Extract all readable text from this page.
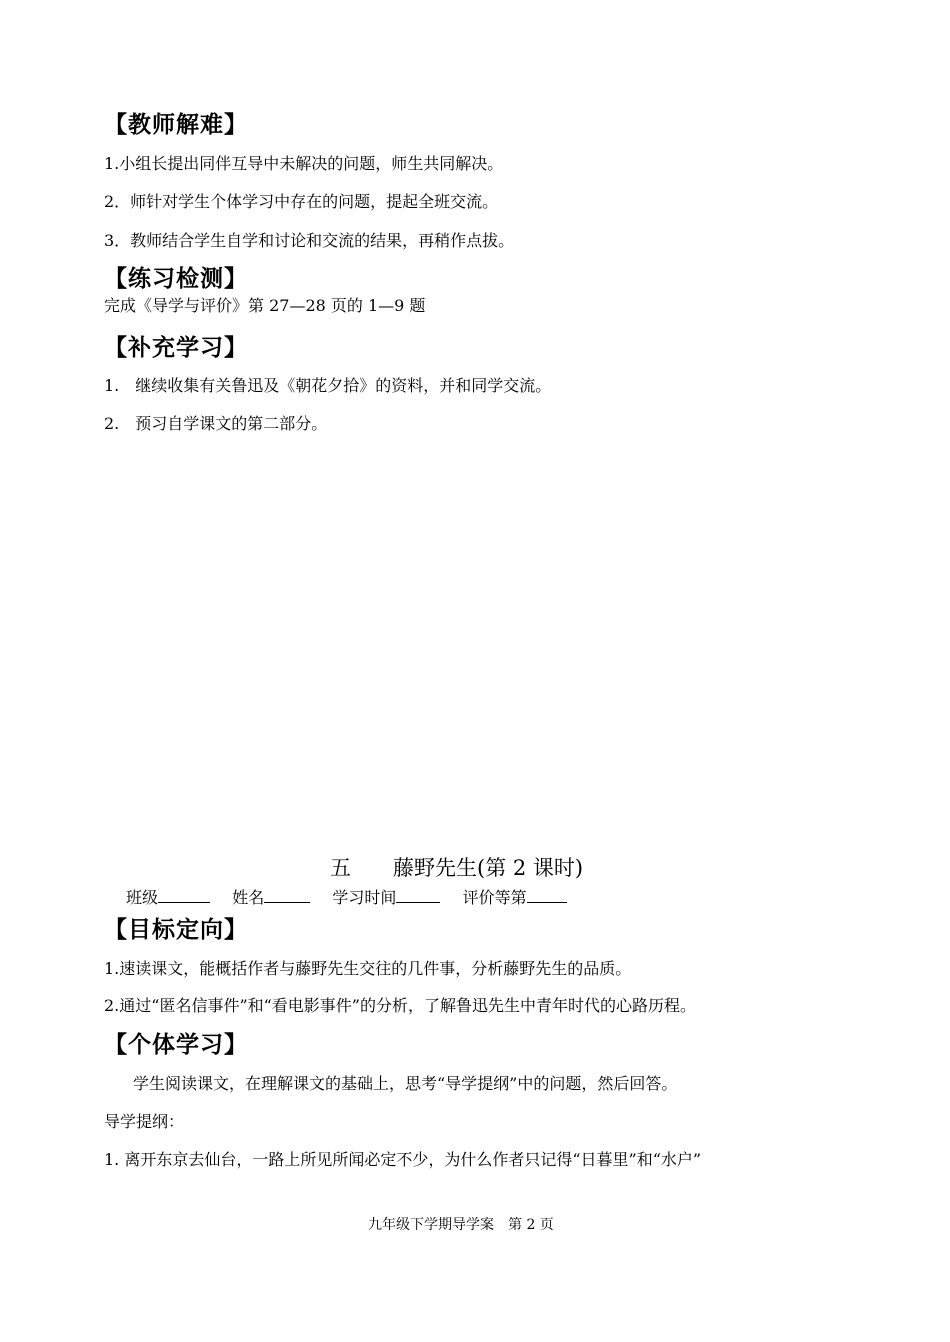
【教师解难】
1.小组长提出同伴互导中未解决的问题，师生共同解决。
2．师针对学生个体学习中存在的问题，提起全班交流。
3．教师结合学生自学和讨论和交流的结果，再稍作点拔。
【练习检测】
完成《导学与评价》第 27—28 页的 1—9 题
【补充学习】
1.　继续收集有关鲁迅及《朝花夕拾》的资料，并和同学交流。
2.　预习自学课文的第二部分。
五　　藤野先生(第 2 课时)
班级	姓名	学习时间	评价等第
【目标定向】
1.速读课文，能概括作者与藤野先生交往的几件事，分析藤野先生的品质。
2.通过“匿名信事件”和“看电影事件”的分析，了解鲁迅先生中青年时代的心路历程。
【个体学习】
学生阅读课文，在理解课文的基础上，思考“导学提纲”中的问题，然后回答。
导学提纲：
1. 离开东京去仙台，一路上所见所闻必定不少，为什么作者只记得“日暮里”和“水户”
九年级下学期导学案　第 2 页
